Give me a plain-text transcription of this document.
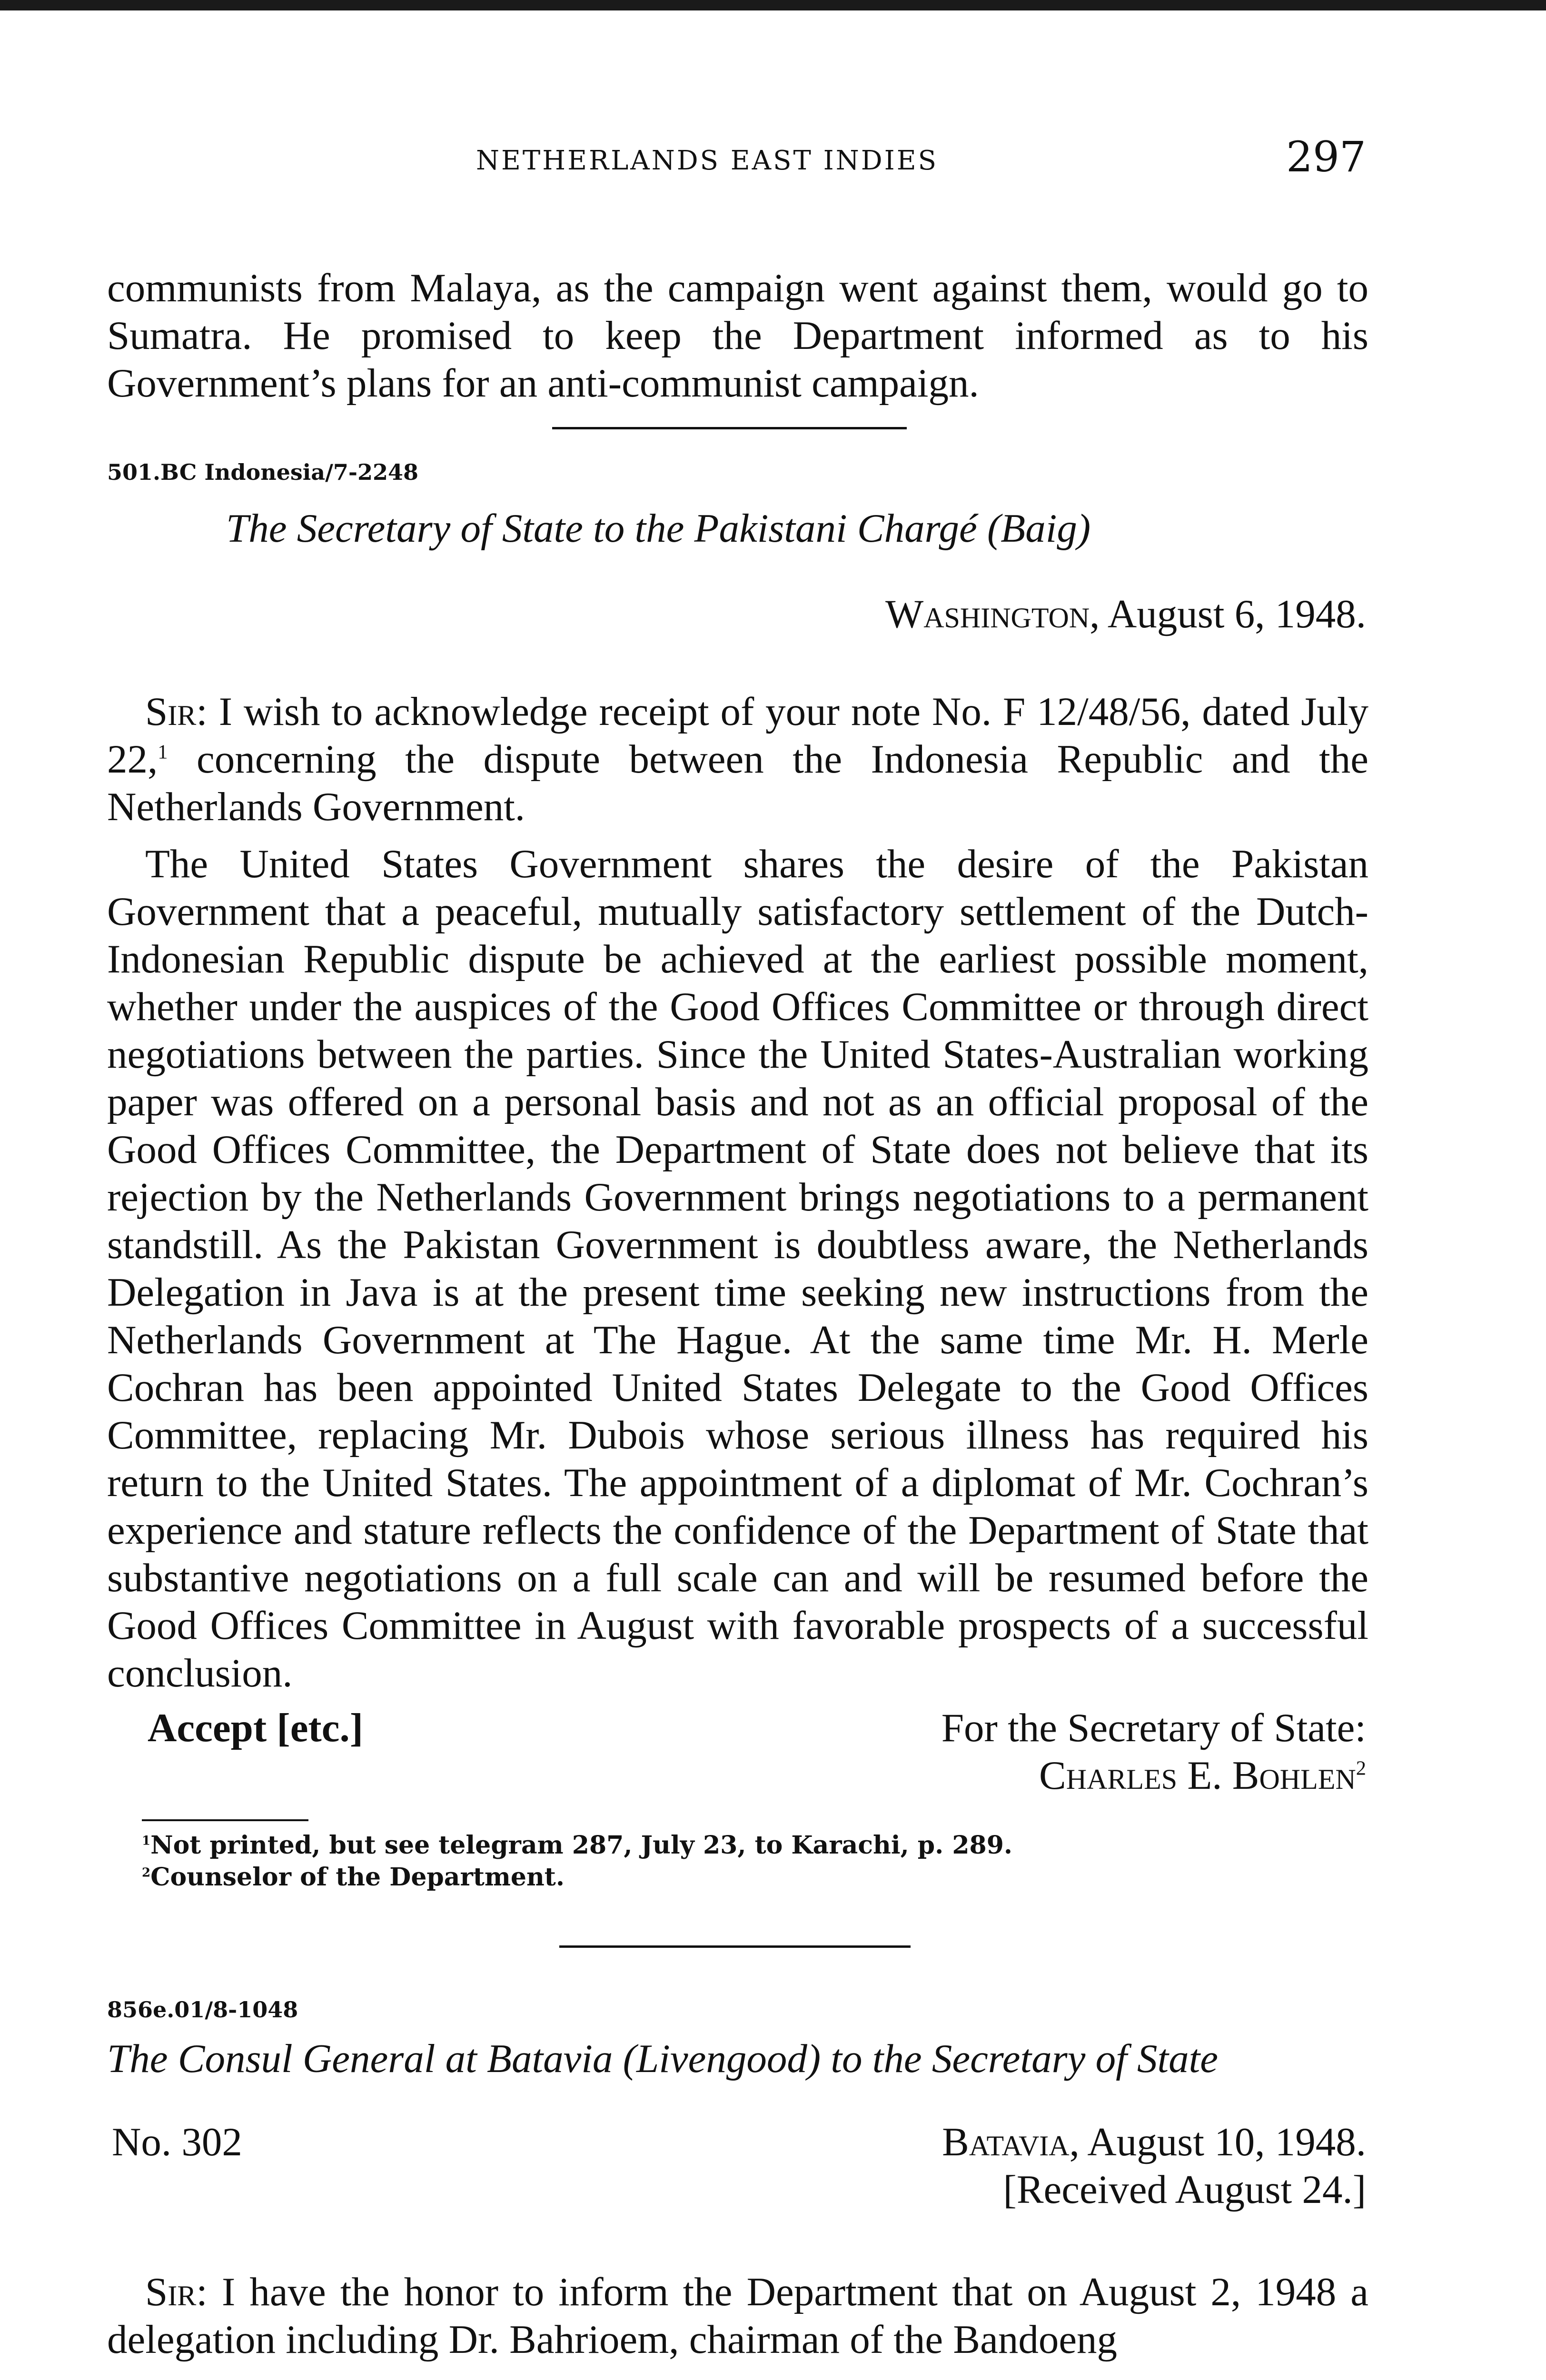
NETHERLANDS EAST INDIES	297

communists from Malaya, as the campaign went against them, would go to Sumatra. He promised to keep the Department informed as to his Government’s plans for an anti-communist campaign.

501.BC Indonesia/7-2248
The Secretary of State to the Pakistani Chargé (Baig)
Washington, August 6, 1948.

Sir: I wish to acknowledge receipt of your note No. F 12/48/56, dated July 22,$^1$ concerning the dispute between the Indonesia Republic and the Netherlands Government.

The United States Government shares the desire of the Pakistan Government that a peaceful, mutually satisfactory settlement of the Dutch-Indonesian Republic dispute be achieved at the earliest possible moment, whether under the auspices of the Good Offices Committee or through direct negotiations between the parties. Since the United States-Australian working paper was offered on a personal basis and not as an official proposal of the Good Offices Committee, the Department of State does not believe that its rejection by the Netherlands Government brings negotiations to a permanent standstill. As the Pakistan Government is doubtless aware, the Netherlands Delegation in Java is at the present time seeking new instructions from the Netherlands Government at The Hague. At the same time Mr. H. Merle Cochran has been appointed United States Delegate to the Good Offices Committee, replacing Mr. Dubois whose serious illness has required his return to the United States. The appointment of a diplomat of Mr. Cochran’s experience and stature reflects the confidence of the Department of State that substantive negotiations on a full scale can and will be resumed before the Good Offices Committee in August with favorable prospects of a successful conclusion.

Accept [etc.]	For the Secretary of State:
Charles E. Bohlen$^2$
$^1$Not printed, but see telegram 287, July 23, to Karachi, p. 289.
$^2$Counselor of the Department.
856e.01/8-1048
The Consul General at Batavia (Livengood) to the Secretary of State
No. 302	Batavia, August 10, 1948.
[Received August 24.]

Sir: I have the honor to inform the Department that on August 2, 1948 a delegation including Dr. Bahrioem, chairman of the Bandoeng
